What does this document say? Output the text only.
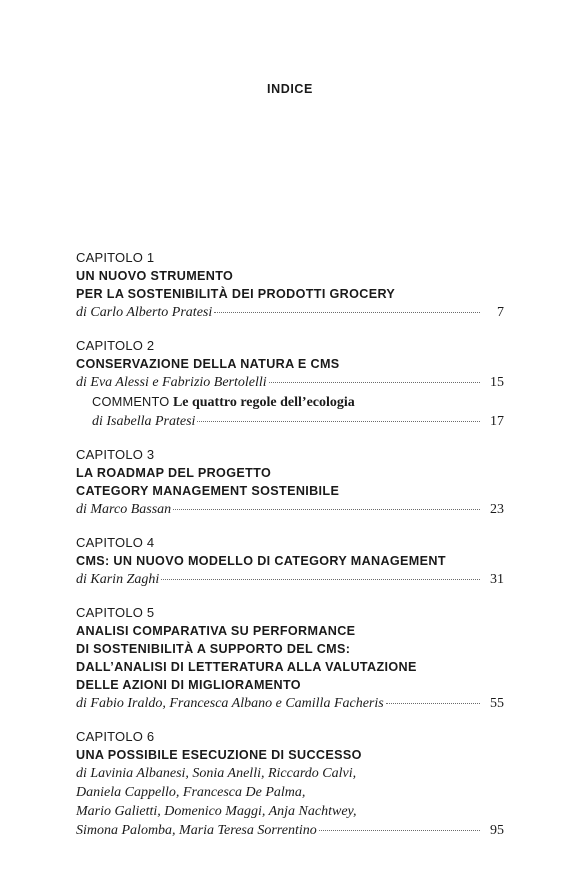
INDICE
CAPITOLO 1
UN NUOVO STRUMENTO
PER LA SOSTENIBILITÀ DEI PRODOTTI GROCERY
di Carlo Alberto Pratesi	7
CAPITOLO 2
CONSERVAZIONE DELLA NATURA E CMS
di Eva Alessi e Fabrizio Bertolelli	15
COMMENTO Le quattro regole dell’ecologia
di Isabella Pratesi	17
CAPITOLO 3
LA ROADMAP DEL PROGETTO
CATEGORY MANAGEMENT SOSTENIBILE
di Marco Bassan	23
CAPITOLO 4
CMS: UN NUOVO MODELLO DI CATEGORY MANAGEMENT
di Karin Zaghi	31
CAPITOLO 5
ANALISI COMPARATIVA SU PERFORMANCE
DI SOSTENIBILITÀ A SUPPORTO DEL CMS:
DALL’ANALISI DI LETTERATURA ALLA VALUTAZIONE
DELLE AZIONI DI MIGLIORAMENTO
di Fabio Iraldo, Francesca Albano e Camilla Facheris	55
CAPITOLO 6
UNA POSSIBILE ESECUZIONE DI SUCCESSO
di Lavinia Albanesi, Sonia Anelli, Riccardo Calvi,
Daniela Cappello, Francesca De Palma,
Mario Galietti, Domenico Maggi, Anja Nachtwey,
Simona Palomba, Maria Teresa Sorrentino	95
